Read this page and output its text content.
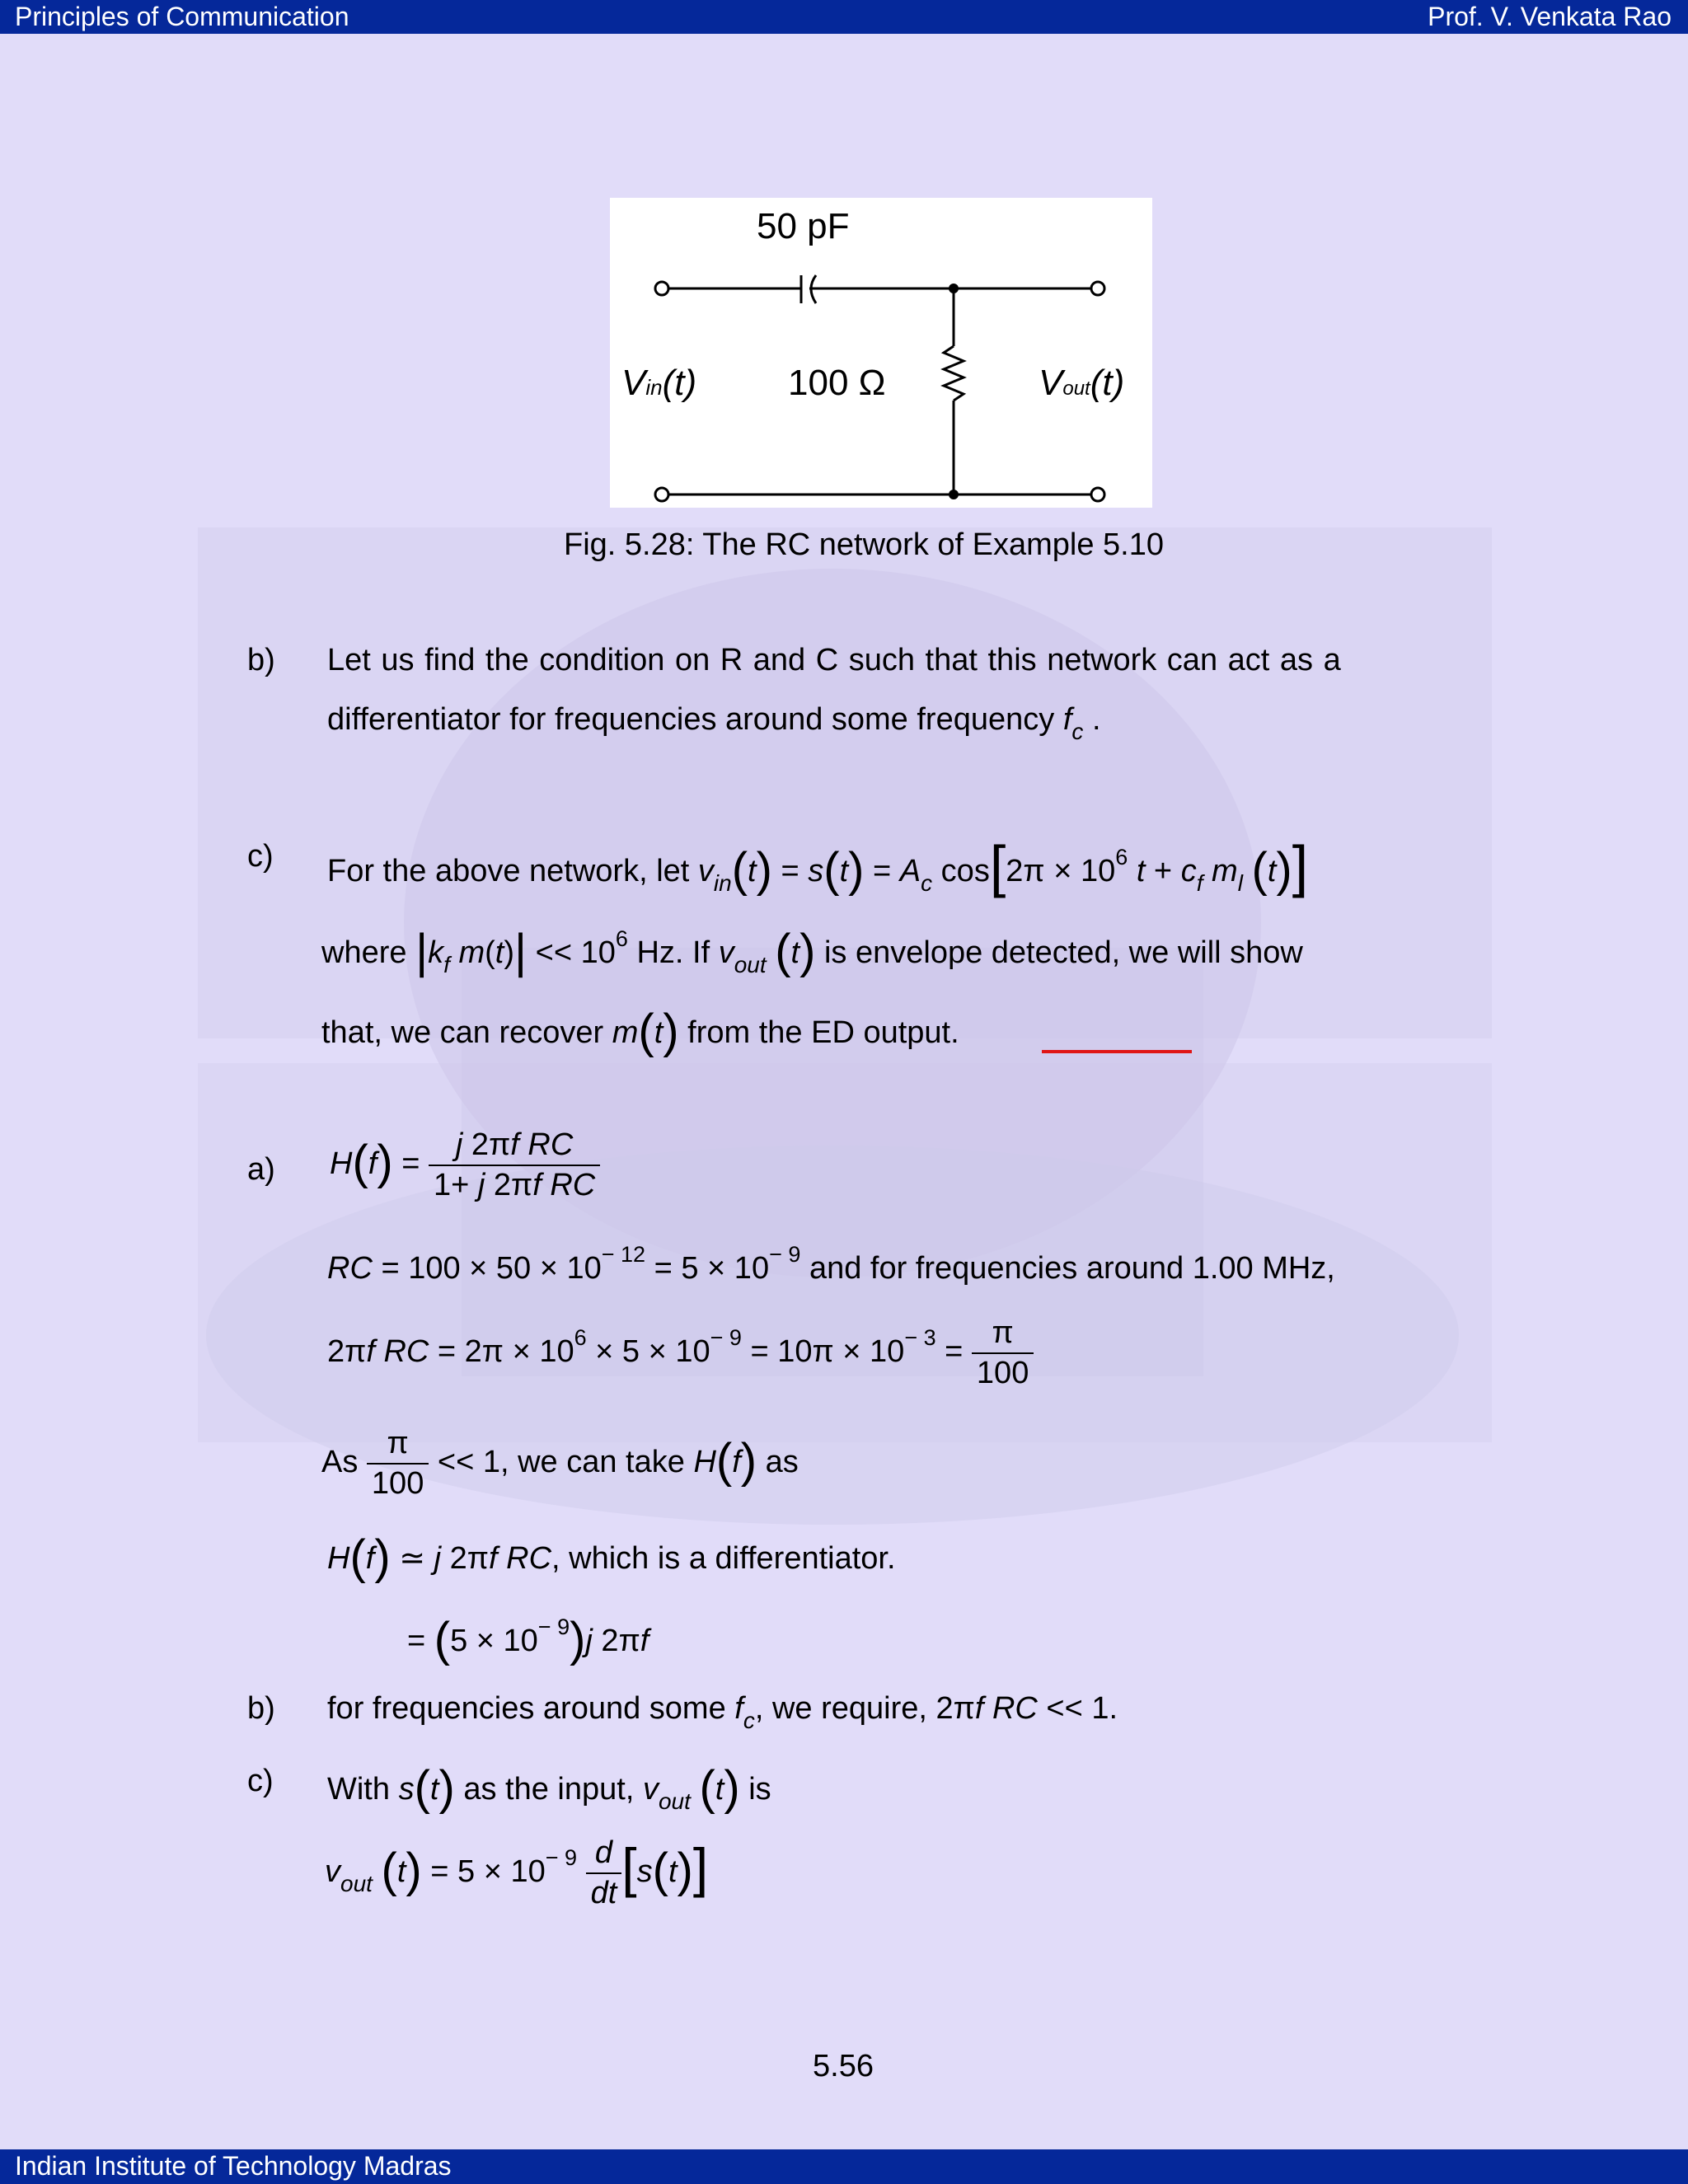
Principles of Communication	Prof. V. Venkata Rao
Indian Institute of Technology Madras
50 pF
100 Ω
Vin(t)	Vout(t)
Fig. 5.28: The RC network of Example 5.10
b) Let us find the condition on R and C such that this network can act as a
differentiator for frequencies around some frequency $f_c$ .
c) For the above network, let $v_{in}(t) = s(t) = A_c$ $\cos[2\pi \times 10^6$ $t + c_f$ $m_l$ (t)]
where $|k_f$ $m(t)| << 10^6$ Hz. If $v_{out}$ (t) is envelope detected, we will show
that, we can recover m(t) from the ED output.
a) $H(f) = \frac{\text{j 2πf RC}}{\text{1+ j 2πf RC}}$
RC = $100 \times 50 \times 10^{- 12} = 5 \times 10^{- 9}$ and for frequencies around 1.00 MHz,
2πf RC = $2\pi \times 10^6 \times 5 \times 10^{- 9} = 10\pi \times 10^{- 3} = \frac{\pi}{100}$
As $\frac{\pi}{100} << 1$, we can take H(f) as
H(f) ≃ j 2πf RC, which is a differentiator.
= $(5 \times 10^{- 9})j$ 2πf
b) for frequencies around some $f_c$, we require, 2πf RC << 1.
c) With s(t) as the input, $v_{out}$ (t) is
$v_{out}$ $(t) = 5 \times 10^{- 9} \frac{d}{dt} [s(t)]$
5.56
